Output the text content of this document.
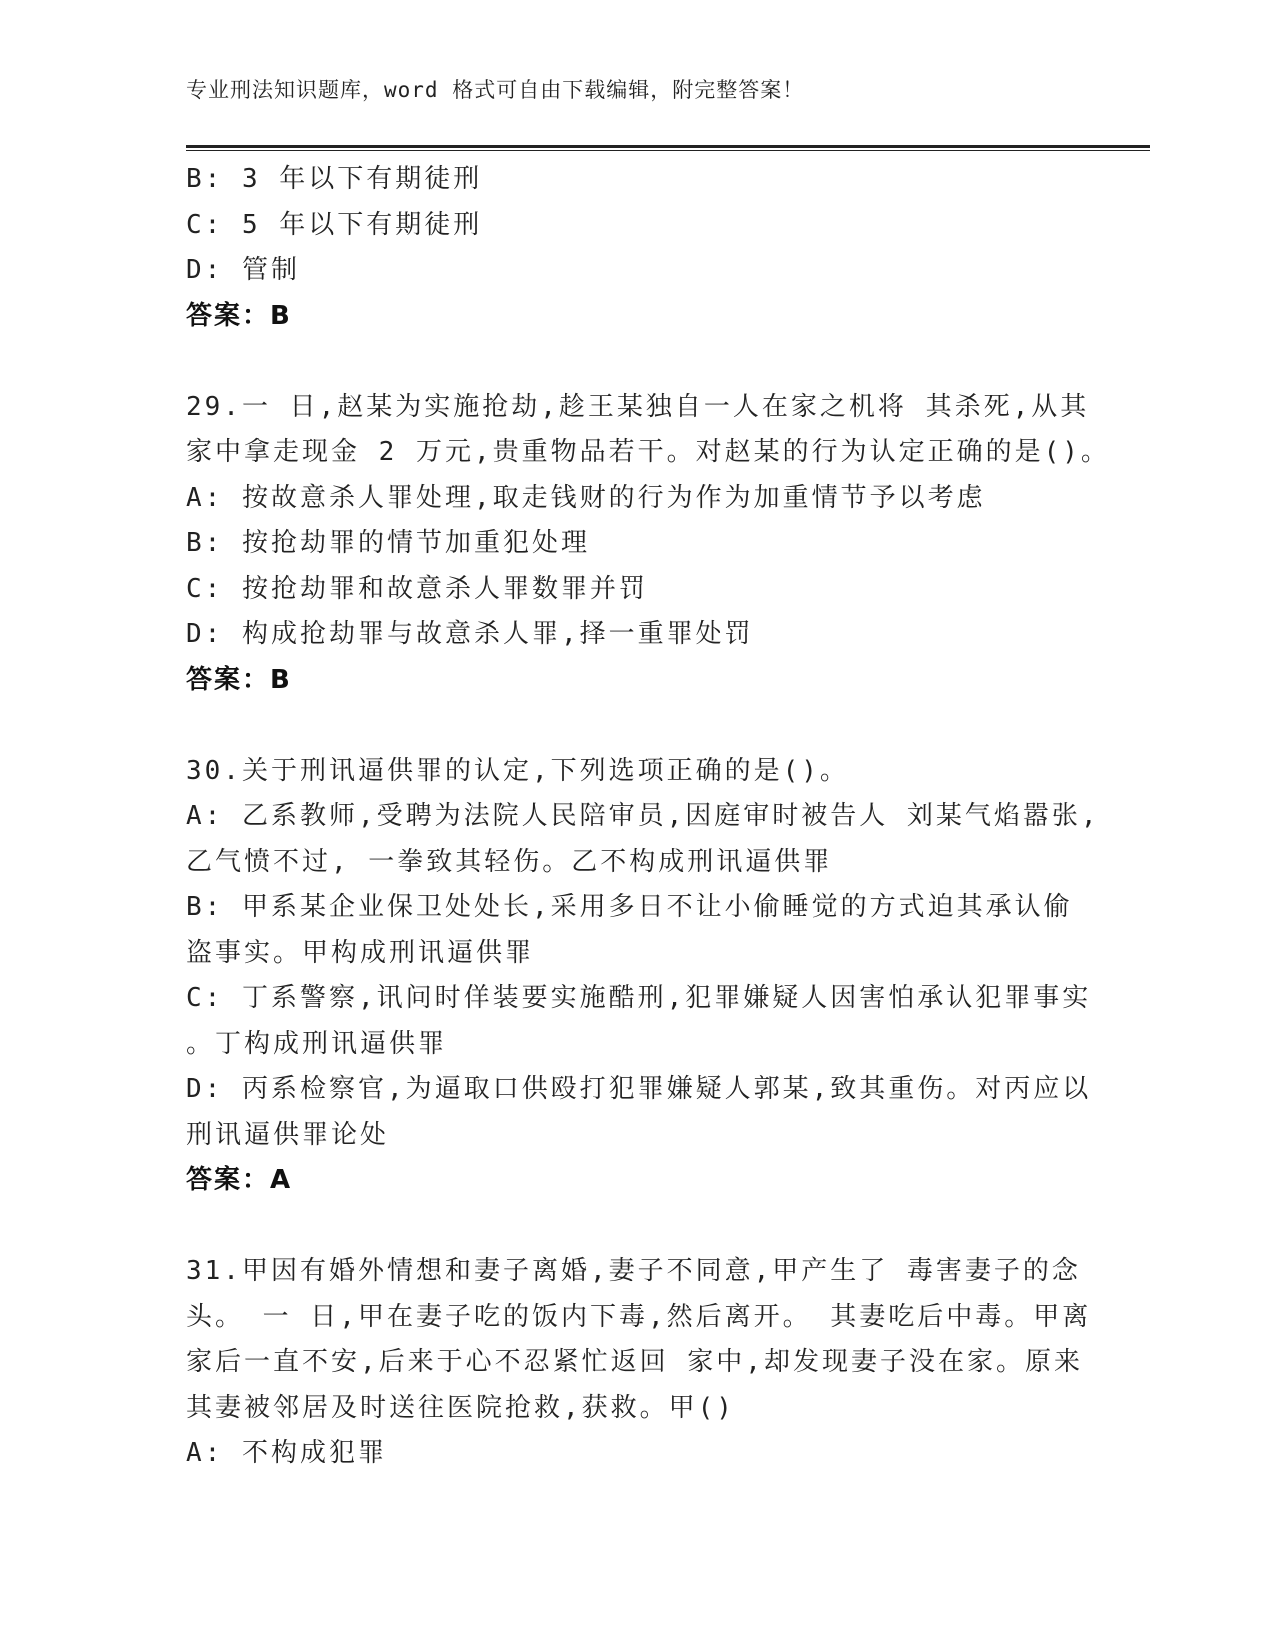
专业刑法知识题库，word 格式可自由下载编辑，附完整答案！
B: 3 年以下有期徒刑
C: 5 年以下有期徒刑
D: 管制
答案：B
29.一 日,赵某为实施抢劫,趁王某独自一人在家之机将 其杀死,从其
家中拿走现金 2 万元,贵重物品若干。对赵某的行为认定正确的是()。
A: 按故意杀人罪处理,取走钱财的行为作为加重情节予以考虑
B: 按抢劫罪的情节加重犯处理
C: 按抢劫罪和故意杀人罪数罪并罚
D: 构成抢劫罪与故意杀人罪,择一重罪处罚
答案：B
30.关于刑讯逼供罪的认定,下列选项正确的是()。
A: 乙系教师,受聘为法院人民陪审员,因庭审时被告人 刘某气焰嚣张,
乙气愤不过, 一拳致其轻伤。乙不构成刑讯逼供罪
B: 甲系某企业保卫处处长,采用多日不让小偷睡觉的方式迫其承认偷
盗事实。甲构成刑讯逼供罪
C: 丁系警察,讯问时佯装要实施酷刑,犯罪嫌疑人因害怕承认犯罪事实
。丁构成刑讯逼供罪
D: 丙系检察官,为逼取口供殴打犯罪嫌疑人郭某,致其重伤。对丙应以
刑讯逼供罪论处
答案：A
31.甲因有婚外情想和妻子离婚,妻子不同意,甲产生了 毒害妻子的念
头。 一 日,甲在妻子吃的饭内下毒,然后离开。 其妻吃后中毒。甲离
家后一直不安,后来于心不忍紧忙返回 家中,却发现妻子没在家。原来
其妻被邻居及时送往医院抢救,获救。甲()
A: 不构成犯罪
